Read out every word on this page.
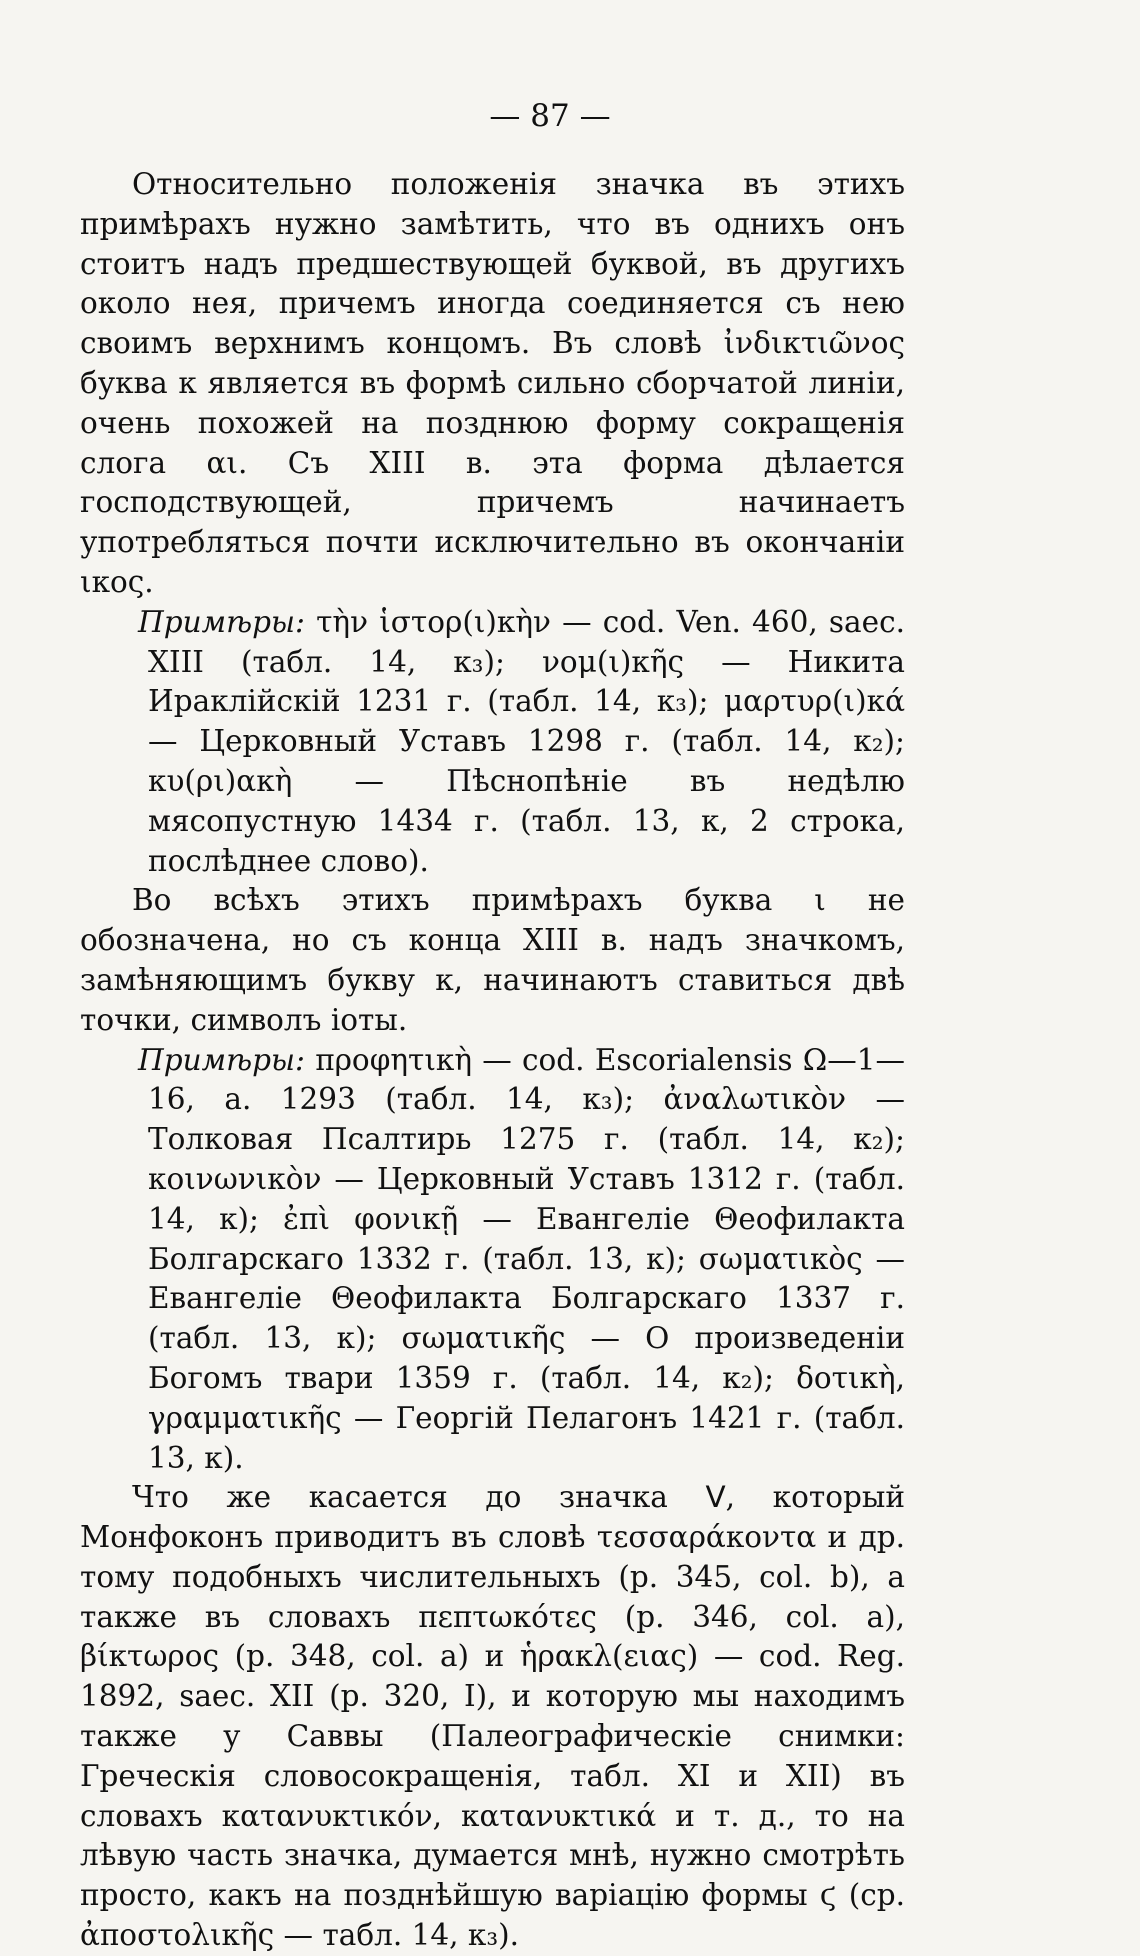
— 87 —

Относительно положенія значка въ этихъ примѣрахъ нужно замѣтить, что въ однихъ онъ стоитъ надъ предшествующей буквой, въ другихъ около нея, причемъ иногда соединяется съ нею своимъ верхнимъ концомъ. Въ словѣ ἰνδικτιῶνος буква κ является въ формѣ сильно сборчатой линіи, очень похожей на позднюю форму сокращенія слога αι. Съ XIII в. эта форма дѣлается господствующей, причемъ начинаетъ употребляться почти исключительно въ окончаніи ικος.

Примѣры: τὴν ἱστορ(ι)κὴν — cod. Ven. 460, saec. XIII (табл. 14, κ₃); νομ(ι)κῆς — Никита Ираклійскій 1231 г. (табл. 14, κ₃); μαρτυρ(ι)κά — Церковный Уставъ 1298 г. (табл. 14, κ₂); κυ(ρι)ακὴ — Пѣснопѣніе въ недѣлю мясопустную 1434 г. (табл. 13, κ, 2 строка, послѣднее слово).

Во всѣхъ этихъ примѣрахъ буква ι не обозначена, но съ конца XIII в. надъ значкомъ, замѣняющимъ букву κ, начинаютъ ставиться двѣ точки, символъ іоты.

Примѣры: προφητικὴ — cod. Escorialensis Ω—1—16, a. 1293 (табл. 14, κ₃); ἀναλωτικὸν — Толковая Псалтирь 1275 г. (табл. 14, κ₂); κοινωνικὸν — Церковный Уставъ 1312 г. (табл. 14, κ); ἐπὶ φονικῇ — Евангеліе Θеофилакта Болгарскаго 1332 г. (табл. 13, κ); σωματικὸς — Евангеліе Θеофилакта Болгарскаго 1337 г. (табл. 13, κ); σωματικῆς — О произведеніи Богомъ твари 1359 г. (табл. 14, κ₂); δοτικὴ, γραμματικῆς — Георгій Пелагонъ 1421 г. (табл. 13, κ).

Что же касается до значка ᐯ, который Монфоконъ приводитъ въ словѣ τεσσαράκοντα и др. тому подобныхъ числительныхъ (p. 345, col. b), а также въ словахъ πεπτωκότες (p. 346, col. a), βίκτωρος (p. 348, col. a) и ἡρακλ(ειας) — cod. Reg. 1892, saec. XII (p. 320, I), и которую мы находимъ также у Саввы (Палеографическіе снимки: Греческія словосокращенія, табл. XI и XII) въ словахъ κατανυκτικόν, κατανυκτικά и т. д., то на лѣвую часть значка, думается мнѣ, нужно смотрѣть просто, какъ на позднѣйшую варіацію формы ϛ (ср. ἀποστολικῆς — табл. 14, κ₃).
